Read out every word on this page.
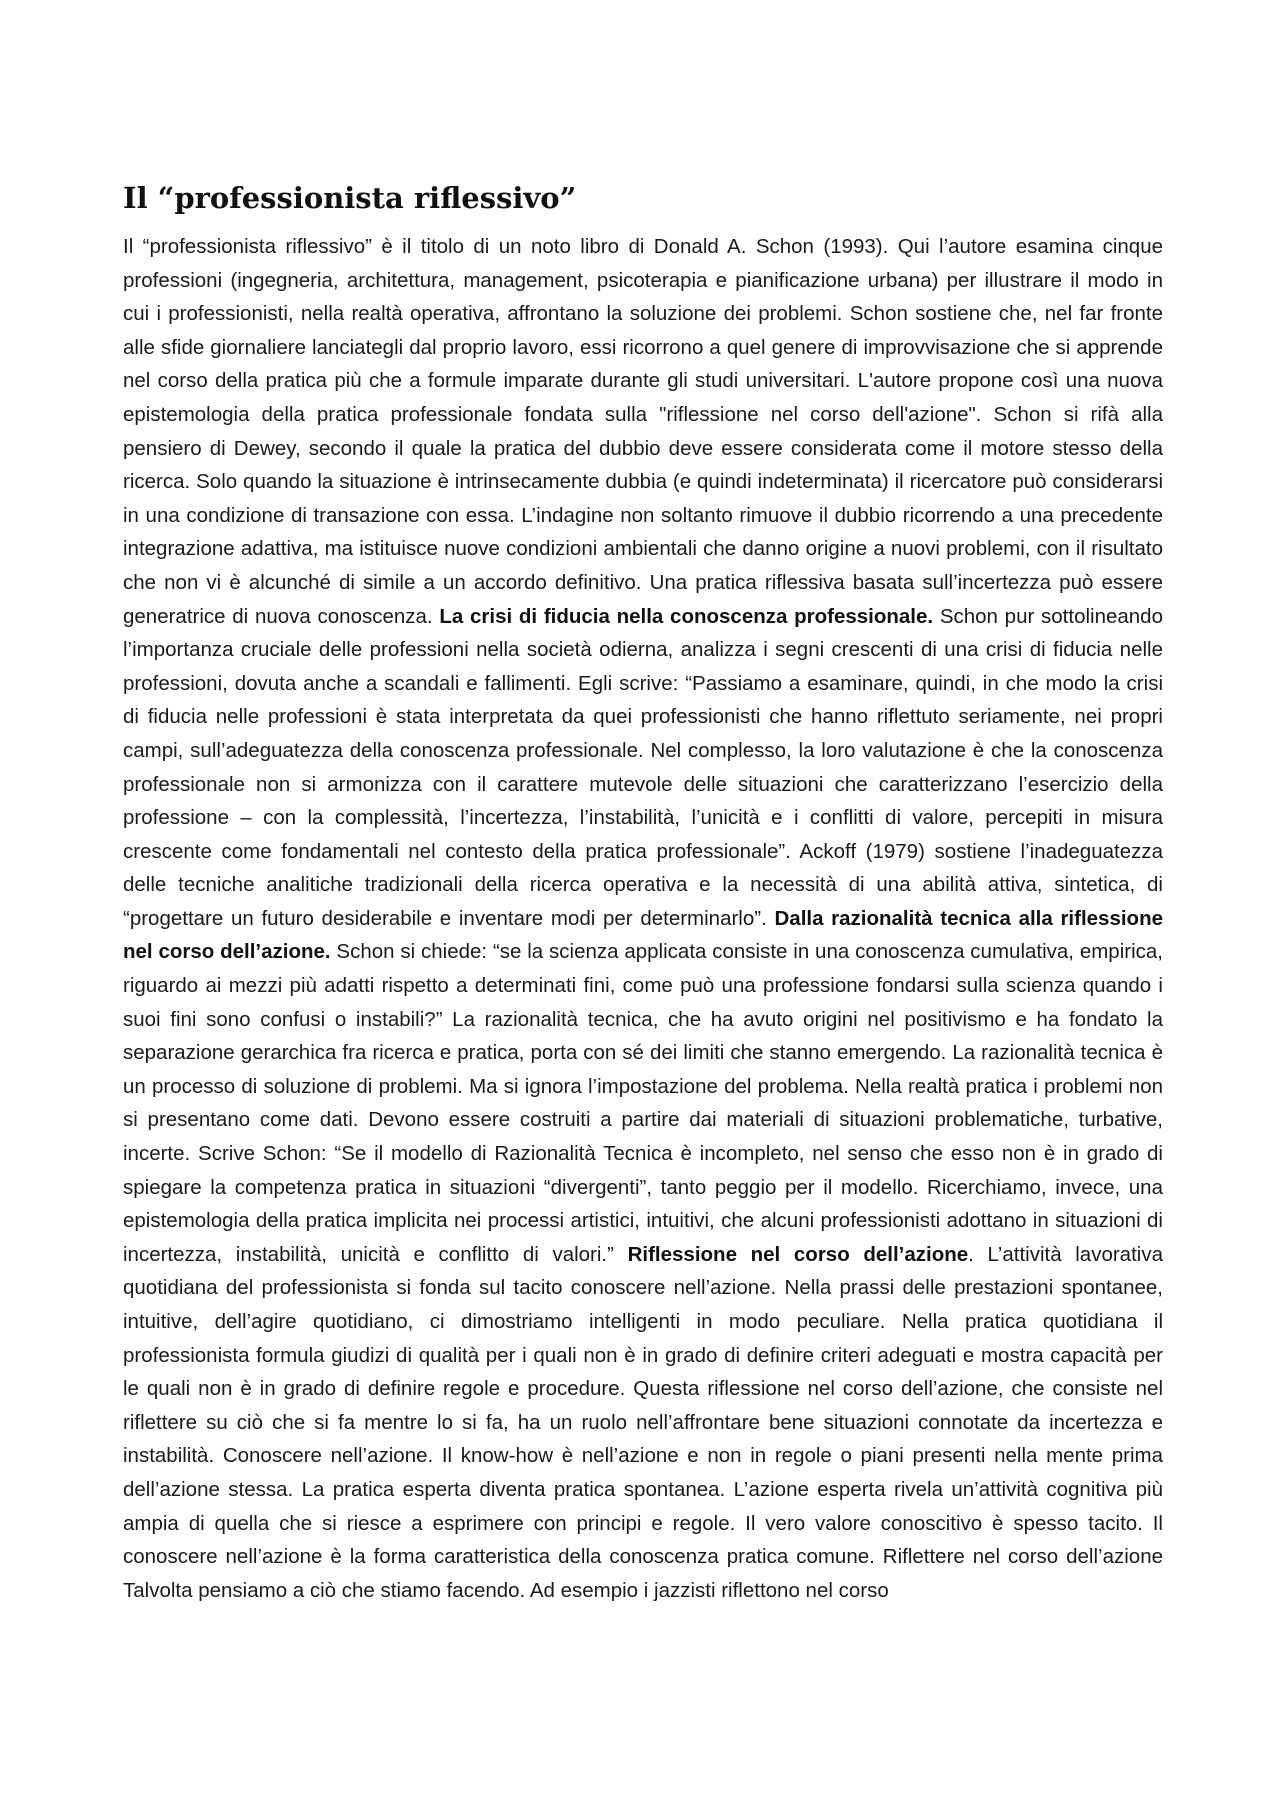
Il “professionista riflessivo”

Il “professionista riflessivo” è il titolo di un noto libro di Donald A. Schon (1993). Qui l’autore esamina cinque professioni (ingegneria, architettura, management, psicoterapia e pianificazione urbana) per illustrare il modo in cui i professionisti, nella realtà operativa, affrontano la soluzione dei problemi. Schon sostiene che, nel far fronte alle sfide giornaliere lanciategli dal proprio lavoro, essi ricorrono a quel genere di improvvisazione che si apprende nel corso della pratica più che a formule imparate durante gli studi universitari. L'autore propone così una nuova epistemologia della pratica professionale fondata sulla "riflessione nel corso dell'azione". Schon si rifà alla pensiero di Dewey, secondo il quale la pratica del dubbio deve essere considerata come il motore stesso della ricerca. Solo quando la situazione è intrinsecamente dubbia (e quindi indeterminata) il ricercatore può considerarsi in una condizione di transazione con essa. L’indagine non soltanto rimuove il dubbio ricorrendo a una precedente integrazione adattiva, ma istituisce nuove condizioni ambientali che danno origine a nuovi problemi, con il risultato che non vi è alcunché di simile a un accordo definitivo. Una pratica riflessiva basata sull’incertezza può essere generatrice di nuova conoscenza. La crisi di fiducia nella conoscenza professionale. Schon pur sottolineando l’importanza cruciale delle professioni nella società odierna, analizza i segni crescenti di una crisi di fiducia nelle professioni, dovuta anche a scandali e fallimenti. Egli scrive: “Passiamo a esaminare, quindi, in che modo la crisi di fiducia nelle professioni è stata interpretata da quei professionisti che hanno riflettuto seriamente, nei propri campi, sull’adeguatezza della conoscenza professionale. Nel complesso, la loro valutazione è che la conoscenza professionale non si armonizza con il carattere mutevole delle situazioni che caratterizzano l’esercizio della professione – con la complessità, l’incertezza, l’instabilità, l’unicità e i conflitti di valore, percepiti in misura crescente come fondamentali nel contesto della pratica professionale”. Ackoff (1979) sostiene l’inadeguatezza delle tecniche analitiche tradizionali della ricerca operativa e la necessità di una abilità attiva, sintetica, di “progettare un futuro desiderabile e inventare modi per determinarlo”. Dalla razionalità tecnica alla riflessione nel corso dell’azione. Schon si chiede: “se la scienza applicata consiste in una conoscenza cumulativa, empirica, riguardo ai mezzi più adatti rispetto a determinati fini, come può una professione fondarsi sulla scienza quando i suoi fini sono confusi o instabili?” La razionalità tecnica, che ha avuto origini nel positivismo e ha fondato la separazione gerarchica fra ricerca e pratica, porta con sé dei limiti che stanno emergendo. La razionalità tecnica è un processo di soluzione di problemi. Ma si ignora l’impostazione del problema. Nella realtà pratica i problemi non si presentano come dati. Devono essere costruiti a partire dai materiali di situazioni problematiche, turbative, incerte. Scrive Schon: “Se il modello di Razionalità Tecnica è incompleto, nel senso che esso non è in grado di spiegare la competenza pratica in situazioni “divergenti”, tanto peggio per il modello. Ricerchiamo, invece, una epistemologia della pratica implicita nei processi artistici, intuitivi, che alcuni professionisti adottano in situazioni di incertezza, instabilità, unicità e conflitto di valori.” Riflessione nel corso dell’azione. L’attività lavorativa quotidiana del professionista si fonda sul tacito conoscere nell’azione. Nella prassi delle prestazioni spontanee, intuitive, dell’agire quotidiano, ci dimostriamo intelligenti in modo peculiare. Nella pratica quotidiana il professionista formula giudizi di qualità per i quali non è in grado di definire criteri adeguati e mostra capacità per le quali non è in grado di definire regole e procedure. Questa riflessione nel corso dell’azione, che consiste nel riflettere su ciò che si fa mentre lo si fa, ha un ruolo nell’affrontare bene situazioni connotate da incertezza e instabilità. Conoscere nell’azione. Il know-how è nell’azione e non in regole o piani presenti nella mente prima dell’azione stessa. La pratica esperta diventa pratica spontanea. L’azione esperta rivela un’attività cognitiva più ampia di quella che si riesce a esprimere con principi e regole. Il vero valore conoscitivo è spesso tacito. Il conoscere nell’azione è la forma caratteristica della conoscenza pratica comune. Riflettere nel corso dell’azione Talvolta pensiamo a ciò che stiamo facendo. Ad esempio i jazzisti riflettono nel corso
